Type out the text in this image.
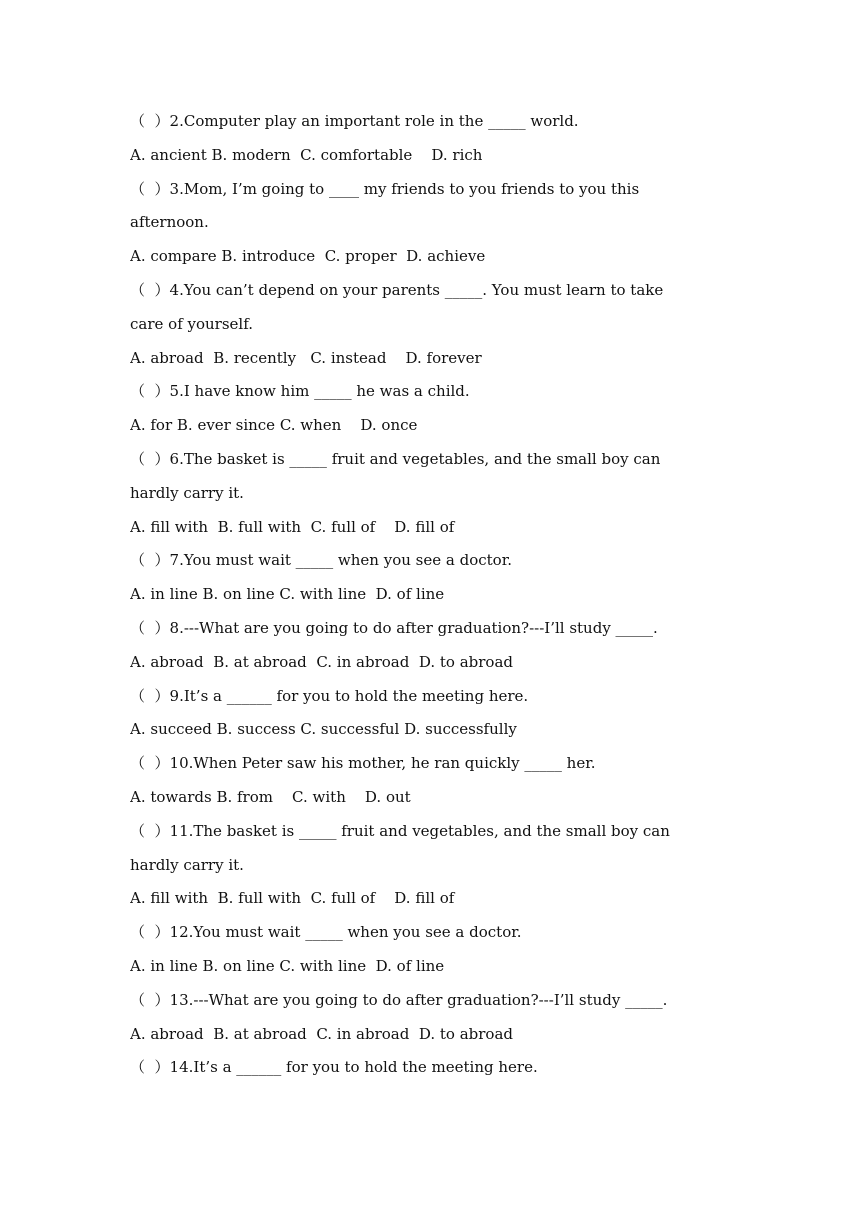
（  ）2.Computer play an important role in the _____ world.
A. ancient B. modern  C. comfortable    D. rich
（  ）3.Mom, I’m going to ____ my friends to you friends to you this
afternoon.
A. compare B. introduce  C. proper  D. achieve
（  ）4.You can’t depend on your parents _____. You must learn to take
care of yourself.
A. abroad  B. recently   C. instead    D. forever
（  ）5.I have know him _____ he was a child.
A. for B. ever since C. when    D. once
（  ）6.The basket is _____ fruit and vegetables, and the small boy can
hardly carry it.
A. fill with  B. full with  C. full of    D. fill of
（  ）7.You must wait _____ when you see a doctor.
A. in line B. on line C. with line  D. of line
（  ）8.---What are you going to do after graduation?---I’ll study _____.
A. abroad  B. at abroad  C. in abroad  D. to abroad
（  ）9.It’s a ______ for you to hold the meeting here.
A. succeed B. success C. successful D. successfully
（  ）10.When Peter saw his mother, he ran quickly _____ her.
A. towards B. from    C. with    D. out
（  ）11.The basket is _____ fruit and vegetables, and the small boy can
hardly carry it.
A. fill with  B. full with  C. full of    D. fill of
（  ）12.You must wait _____ when you see a doctor.
A. in line B. on line C. with line  D. of line
（  ）13.---What are you going to do after graduation?---I’ll study _____.
A. abroad  B. at abroad  C. in abroad  D. to abroad
（  ）14.It’s a ______ for you to hold the meeting here.
